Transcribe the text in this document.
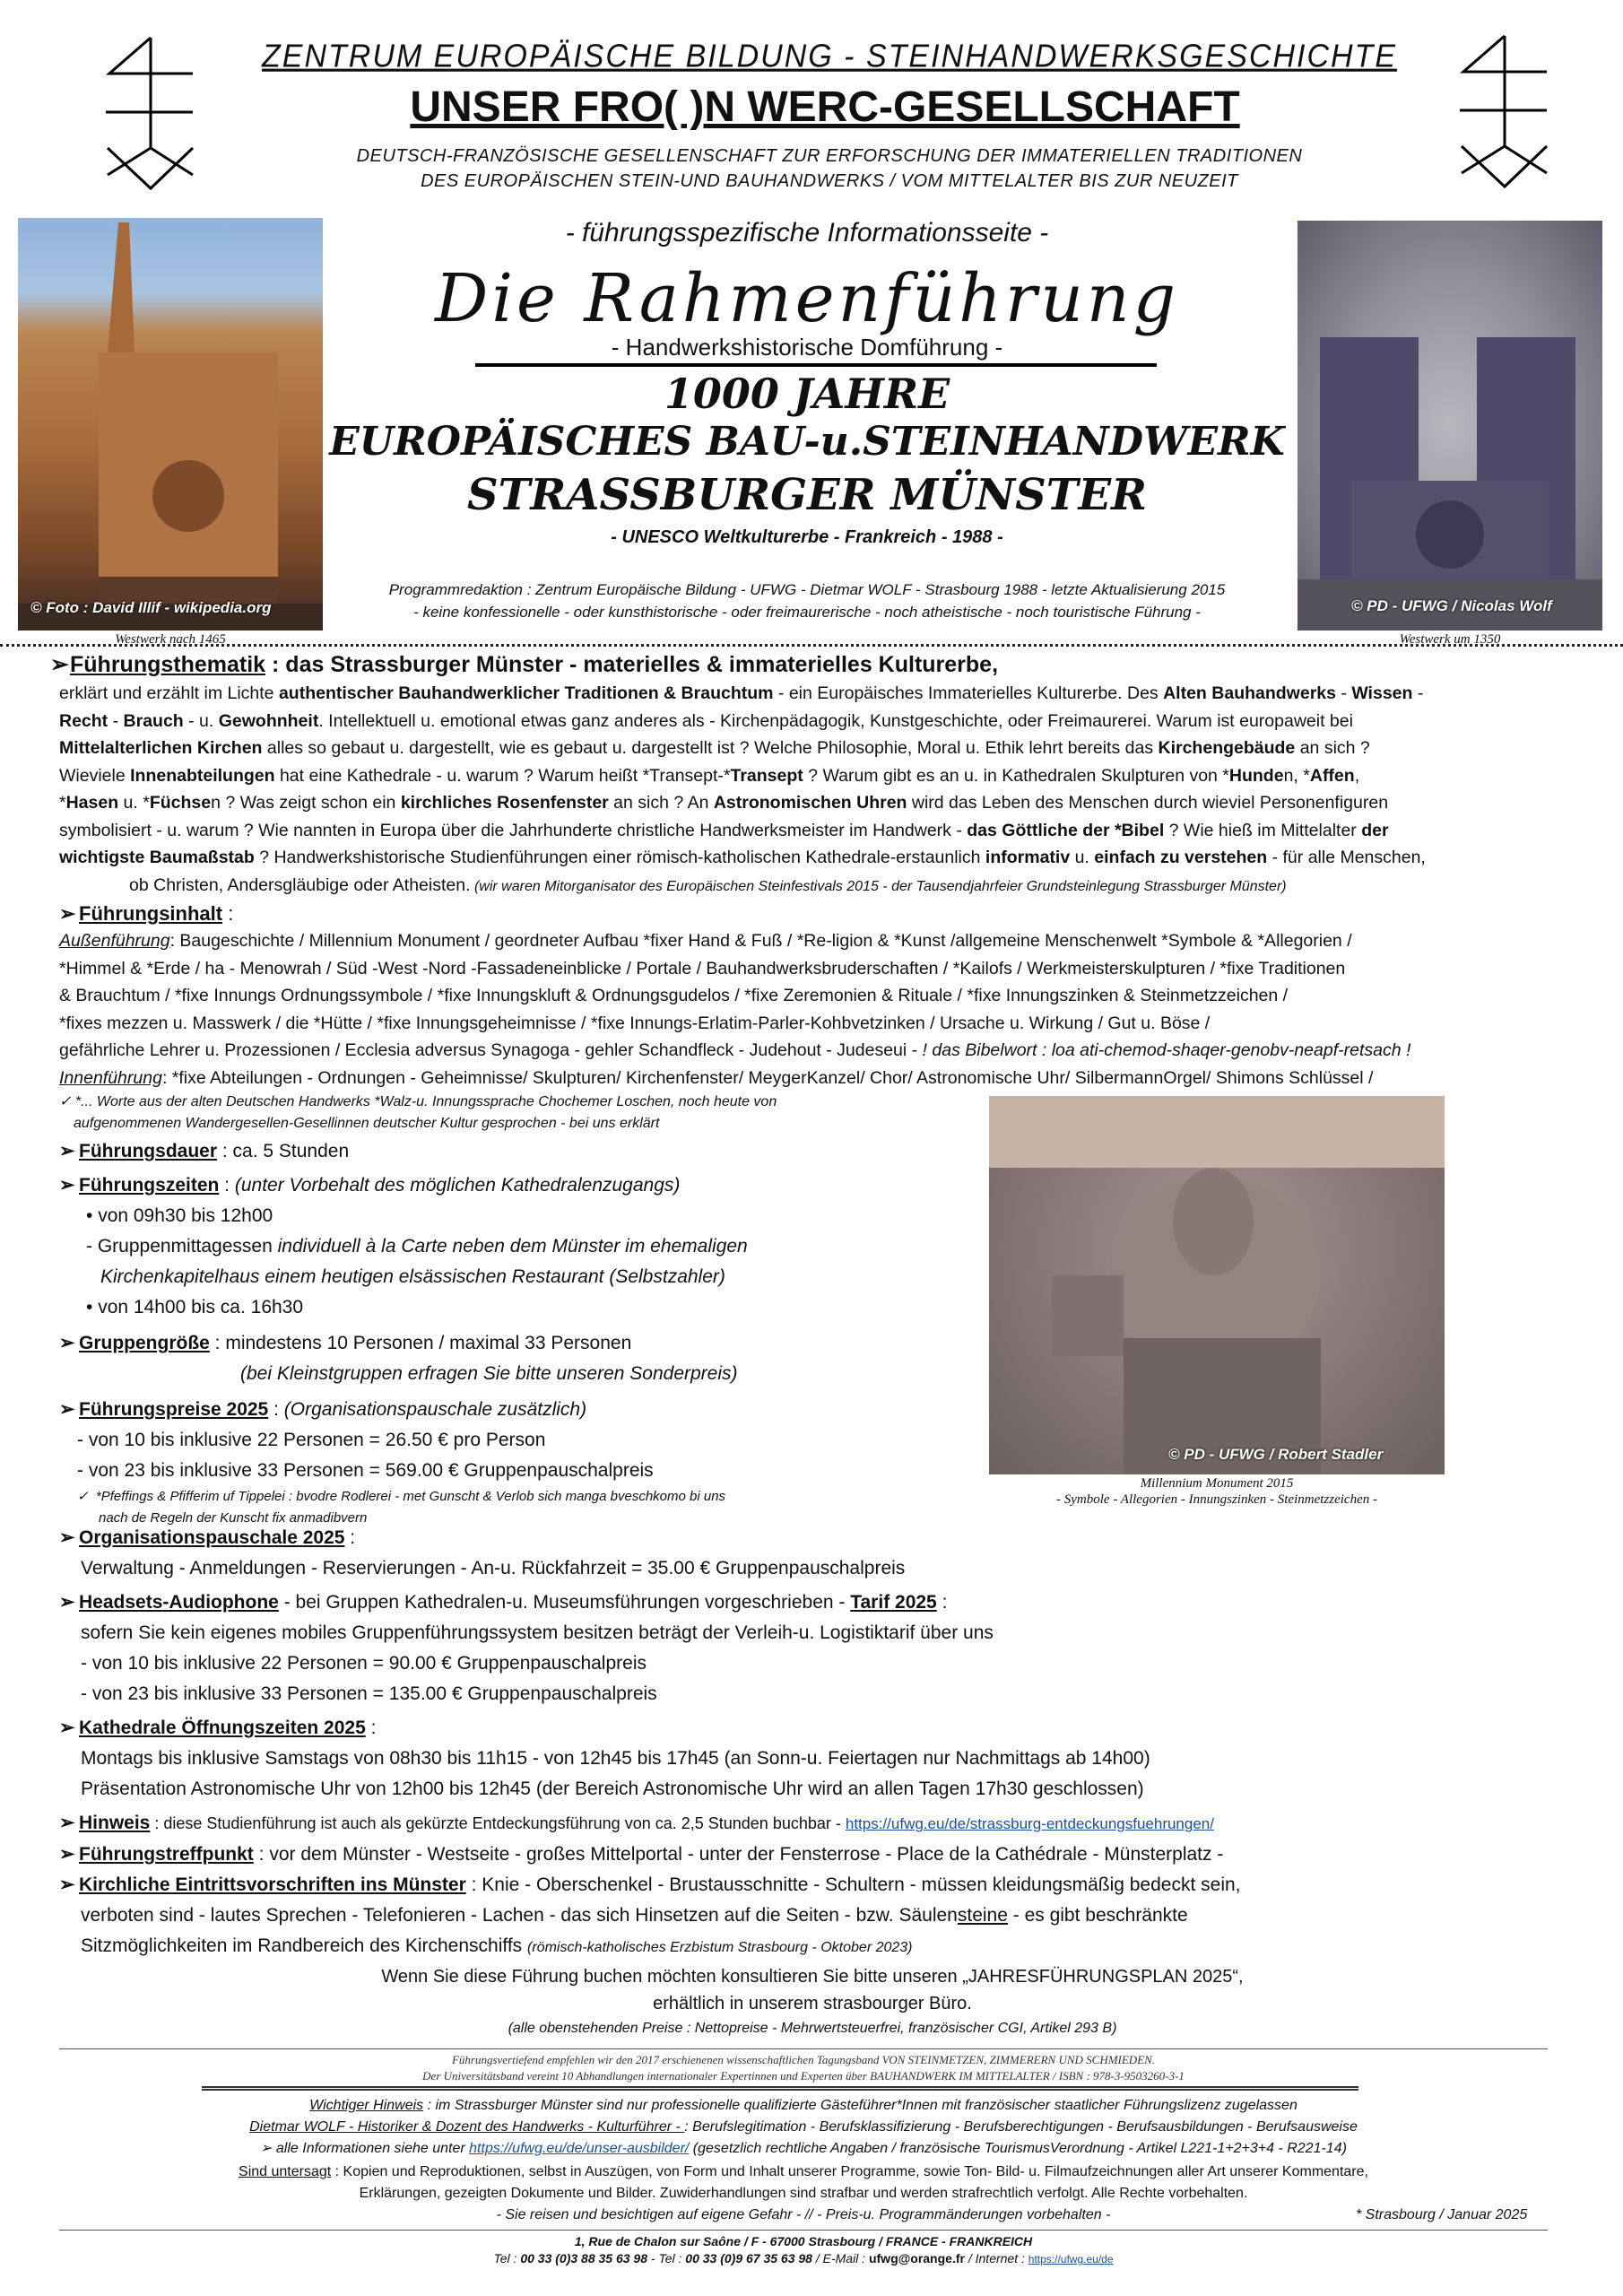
ZENTRUM EUROPÄISCHE BILDUNG - STEINHANDWERKSGESCHICHTE
UNSER FRO( )N WERC-GESELLSCHAFT
DEUTSCH-FRANZÖSISCHE GESELLENSCHAFT ZUR ERFORSCHUNG DER IMMATERIELLEN TRADITIONEN
DES EUROPÄISCHEN STEIN-UND BAUHANDWERKS / VOM MITTELALTER BIS ZUR NEUZEIT
© Foto : David Illif - wikipedia.org
Westwerk nach 1465
© PD - UFWG / Nicolas Wolf
Westwerk um 1350
- führungsspezifische Informationsseite -
Die Rahmenführung
- Handwerkshistorische Domführung -
1000 JAHRE
EUROPÄISCHES BAU-u.STEINHANDWERK
STRASSBURGER MÜNSTER
- UNESCO Weltkulturerbe - Frankreich - 1988 -
Programmredaktion : Zentrum Europäische Bildung - UFWG - Dietmar WOLF - Strasbourg 1988 - letzte Aktualisierung 2015
- keine konfessionelle - oder kunsthistorische - oder freimaurerische - noch atheistische - noch touristische Führung -
➢Führungsthematik : das Strassburger Münster - materielles & immaterielles Kulturerbe,
erklärt und erzählt im Lichte authentischer Bauhandwerklicher Traditionen & Brauchtum - ein Europäisches Immaterielles Kulturerbe. Des Alten Bauhandwerks - Wissen -
Recht - Brauch - u. Gewohnheit. Intellektuell u. emotional etwas ganz anderes als - Kirchenpädagogik, Kunstgeschichte, oder Freimaurerei. Warum ist europaweit bei
Mittelalterlichen Kirchen alles so gebaut u. dargestellt, wie es gebaut u. dargestellt ist ? Welche Philosophie, Moral u. Ethik lehrt bereits das Kirchengebäude an sich ?
Wieviele Innenabteilungen hat eine Kathedrale - u. warum ? Warum heißt *Transept-*Transept ? Warum gibt es an u. in Kathedralen Skulpturen von *Hunden, *Affen,
*Hasen u. *Füchsen ? Was zeigt schon ein kirchliches Rosenfenster an sich ? An Astronomischen Uhren wird das Leben des Menschen durch wieviel Personenfiguren
symbolisiert - u. warum ? Wie nannten in Europa über die Jahrhunderte christliche Handwerksmeister im Handwerk - das Göttliche der *Bibel ? Wie hieß im Mittelalter der
wichtigste Baumaßstab ? Handwerkshistorische Studienführungen einer römisch-katholischen Kathedrale-erstaunlich informativ u. einfach zu verstehen - für alle Menschen,
ob Christen, Andersgläubige oder Atheisten. (wir waren Mitorganisator des Europäischen Steinfestivals 2015 - der Tausendjahrfeier Grundsteinlegung Strassburger Münster)
➢ Führungsinhalt :
Außenführung: Baugeschichte / Millennium Monument / geordneter Aufbau *fixer Hand & Fuß / *Re-ligion & *Kunst /allgemeine Menschenwelt *Symbole & *Allegorien /
*Himmel & *Erde / ha - Menowrah / Süd -West -Nord -Fassadeneinblicke / Portale / Bauhandwerksbruderschaften / *Kailofs / Werkmeisterskulpturen / *fixe Traditionen
& Brauchtum / *fixe Innungs Ordnungssymbole / *fixe Innungskluft & Ordnungsgudelos / *fixe Zeremonien & Rituale / *fixe Innungszinken & Steinmetzzeichen /
*fixes mezzen u. Masswerk / die *Hütte / *fixe Innungsgeheimnisse / *fixe Innungs-Erlatim-Parler-Kohbvetzinken / Ursache u. Wirkung / Gut u. Böse /
gefährliche Lehrer u. Prozessionen / Ecclesia adversus Synagoga - gehler Schandfleck - Judehout - Judeseui - ! das Bibelwort : loa ati-chemod-shaqer-genobv-neapf-retsach !
Innenführung: *fixe Abteilungen - Ordnungen - Geheimnisse/ Skulpturen/ Kirchenfenster/ MeygerKanzel/ Chor/ Astronomische Uhr/ SilbermannOrgel/ Shimons Schlüssel /
✓ *... Worte aus der alten Deutschen Handwerks *Walz-u. Innungssprache Chochemer Loschen, noch heute von
aufgenommenen Wandergesellen-Gesellinnen deutscher Kultur gesprochen - bei uns erklärt
© PD - UFWG / Robert Stadler
Millennium Monument 2015
- Symbole - Allegorien - Innungszinken - Steinmetzzeichen -
➢ Führungsdauer : ca. 5 Stunden
➢ Führungszeiten : (unter Vorbehalt des möglichen Kathedralenzugangs)
• von 09h30 bis 12h00
- Gruppenmittagessen individuell à la Carte neben dem Münster im ehemaligen
Kirchenkapitelhaus einem heutigen elsässischen Restaurant (Selbstzahler)
• von 14h00 bis ca. 16h30
➢ Gruppengröße : mindestens 10 Personen / maximal 33 Personen
(bei Kleinstgruppen erfragen Sie bitte unseren Sonderpreis)
➢ Führungspreise 2025 : (Organisationspauschale zusätzlich)
- von 10 bis inklusive 22 Personen = 26.50 € pro Person
- von 23 bis inklusive 33 Personen = 569.00 € Gruppenpauschalpreis
✓  *Pfeffings & Pfifferim uf Tippelei : bvodre Rodlerei - met Gunscht & Verlob sich manga bveschkomo bi uns
nach de Regeln der Kunscht fix anmadibvern
➢ Organisationspauschale 2025 :
Verwaltung - Anmeldungen - Reservierungen - An-u. Rückfahrzeit = 35.00 € Gruppenpauschalpreis
➢ Headsets-Audiophone - bei Gruppen Kathedralen-u. Museumsführungen vorgeschrieben - Tarif 2025 :
sofern Sie kein eigenes mobiles Gruppenführungssystem besitzen beträgt der Verleih-u. Logistiktarif über uns
- von 10 bis inklusive 22 Personen = 90.00 € Gruppenpauschalpreis
- von 23 bis inklusive 33 Personen = 135.00 € Gruppenpauschalpreis
➢ Kathedrale Öffnungszeiten 2025 :
Montags bis inklusive Samstags von 08h30 bis 11h15 - von 12h45 bis 17h45 (an Sonn-u. Feiertagen nur Nachmittags ab 14h00)
Präsentation Astronomische Uhr von 12h00 bis 12h45 (der Bereich Astronomische Uhr wird an allen Tagen 17h30 geschlossen)
➢ Hinweis : diese Studienführung ist auch als gekürzte Entdeckungsführung von ca. 2,5 Stunden buchbar - https://ufwg.eu/de/strassburg-entdeckungsfuehrungen/
➢ Führungstreffpunkt : vor dem Münster - Westseite - großes Mittelportal - unter der Fensterrose - Place de la Cathédrale - Münsterplatz -
➢ Kirchliche Eintrittsvorschriften ins Münster : Knie - Oberschenkel - Brustausschnitte - Schultern - müssen kleidungsmäßig bedeckt sein,
verboten sind - lautes Sprechen - Telefonieren - Lachen - das sich Hinsetzen auf die Seiten - bzw. Säulensteine - es gibt beschränkte
Sitzmöglichkeiten im Randbereich des Kirchenschiffs (römisch-katholisches Erzbistum Strasbourg - Oktober 2023)
Wenn Sie diese Führung buchen möchten konsultieren Sie bitte unseren „JAHRESFÜHRUNGSPLAN 2025“,
erhältlich in unserem strasbourger Büro.
(alle obenstehenden Preise : Nettopreise - Mehrwertsteuerfrei, französischer CGI, Artikel 293 B)
Führungsvertiefend empfehlen wir den 2017 erschienenen wissenschaftlichen Tagungsband VON STEINMETZEN, ZIMMERERN UND SCHMIEDEN.
Der Universitätsband vereint 10 Abhandlungen internationaler Expertinnen und Experten über BAUHANDWERK IM MITTELALTER / ISBN : 978-3-9503260-3-1
Wichtiger Hinweis : im Strassburger Münster sind nur professionelle qualifizierte Gästeführer*Innen mit französischer staatlicher Führungslizenz zugelassen
Dietmar WOLF - Historiker & Dozent des Handwerks - Kulturführer - : Berufslegitimation - Berufsklassifizierung - Berufsberechtigungen - Berufsausbildungen - Berufsausweise
➢ alle Informationen siehe unter https://ufwg.eu/de/unser-ausbilder/ (gesetzlich rechtliche Angaben / französische TourismusVerordnung - Artikel L221-1+2+3+4 - R221-14)
Sind untersagt : Kopien und Reproduktionen, selbst in Auszügen, von Form und Inhalt unserer Programme, sowie Ton- Bild- u. Filmaufzeichnungen aller Art unserer Kommentare,
Erklärungen, gezeigten Dokumente und Bilder. Zuwiderhandlungen sind strafbar und werden strafrechtlich verfolgt. Alle Rechte vorbehalten.
- Sie reisen und besichtigen auf eigene Gefahr - // - Preis-u. Programmänderungen vorbehalten -	* Strasbourg / Januar 2025
1, Rue de Chalon sur Saône / F - 67000 Strasbourg / FRANCE - FRANKREICH
Tel : 00 33 (0)3 88 35 63 98 - Tel : 00 33 (0)9 67 35 63 98 / E-Mail : ufwg@orange.fr / Internet : https://ufwg.eu/de
